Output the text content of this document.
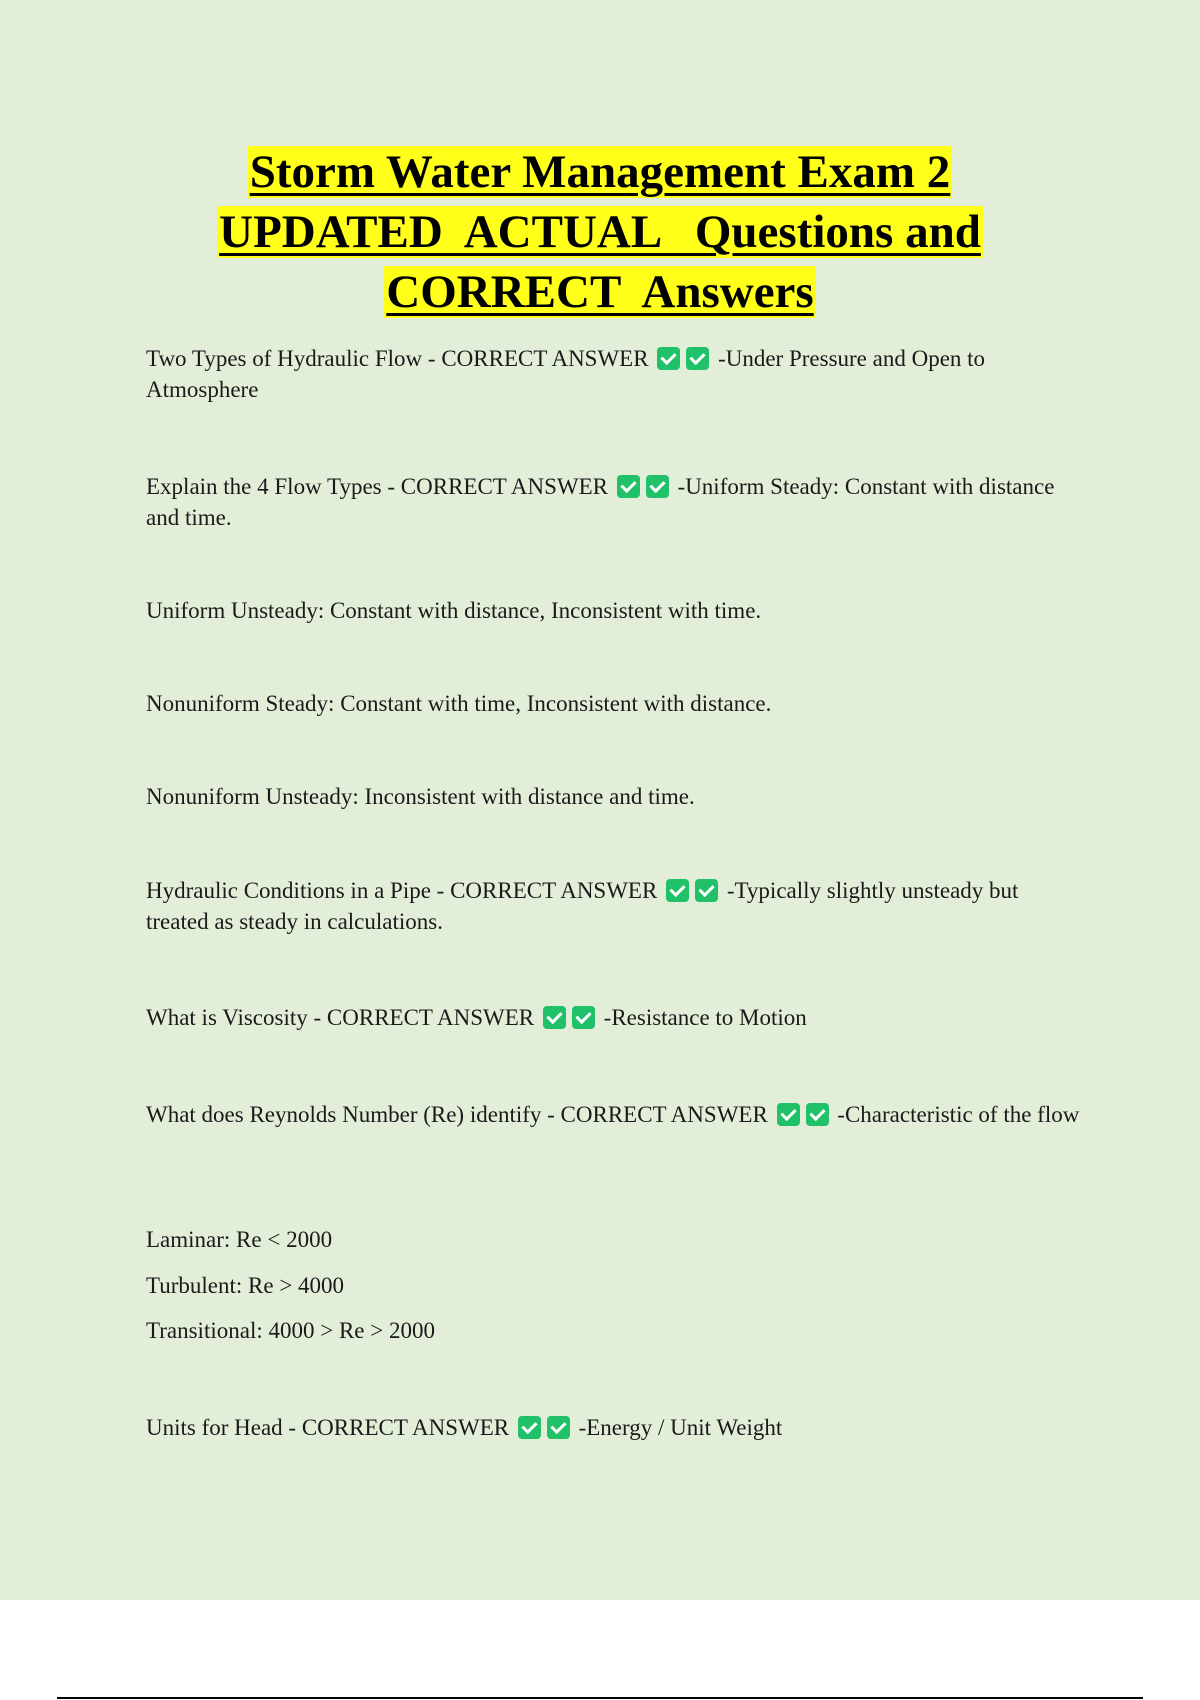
Storm Water Management Exam 2
UPDATED  ACTUAL   Questions and
CORRECT  Answers

Two Types of Hydraulic Flow - CORRECT ANSWER	-Under Pressure and Open to Atmosphere

Explain the 4 Flow Types - CORRECT ANSWER	-Uniform Steady: Constant with distance and time.

Uniform Unsteady: Constant with distance, Inconsistent with time.

Nonuniform Steady: Constant with time, Inconsistent with distance.

Nonuniform Unsteady: Inconsistent with distance and time.

Hydraulic Conditions in a Pipe - CORRECT ANSWER	-Typically slightly unsteady but treated as steady in calculations.

What is Viscosity - CORRECT ANSWER	-Resistance to Motion

What does Reynolds Number (Re) identify - CORRECT ANSWER	-Characteristic of the flow

Laminar: Re < 2000

Turbulent: Re > 4000

Transitional: 4000 > Re > 2000

Units for Head - CORRECT ANSWER	-Energy / Unit Weight
